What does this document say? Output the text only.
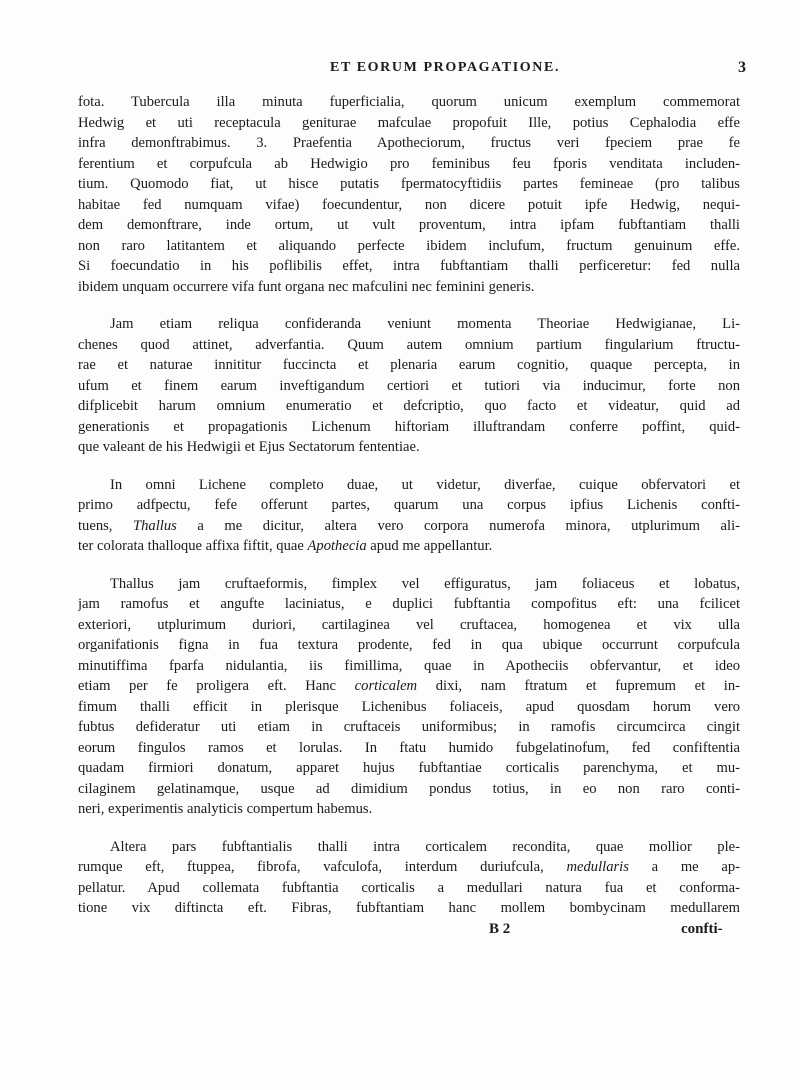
ET EORUM PROPAGATIONE.	3
fota. Tubercula illa minuta fuperficialia, quorum unicum exemplum commemorat
Hedwig et uti receptacula geniturae mafculae propofuit Ille, potius Cephalodia effe
infra demonftrabimus. 3. Praefentia Apotheciorum, fructus veri fpeciem prae fe
ferentium et corpufcula ab Hedwigio pro feminibus feu fporis venditata includen-
tium. Quomodo fiat, ut hisce putatis fpermatocyftidiis partes femineae (pro talibus
habitae fed numquam vifae) foecundentur, non dicere potuit ipfe Hedwig, nequi-
dem demonftrare, inde ortum, ut vult proventum, intra ipfam fubftantiam thalli
non raro latitantem et aliquando perfecte ibidem inclufum, fructum genuinum effe.
Si foecundatio in his poflibilis effet, intra fubftantiam thalli perficeretur: fed nulla
ibidem unquam occurrere vifa funt organa nec mafculini nec feminini generis.
Jam etiam reliqua confideranda veniunt momenta Theoriae Hedwigianae, Li-
chenes quod attinet, adverfantia. Quum autem omnium partium fingularium ftructu-
rae et naturae innititur fuccincta et plenaria earum cognitio, quaque percepta, in
ufum et finem earum inveftigandum certiori et tutiori via inducimur, forte non
difplicebit harum omnium enumeratio et defcriptio, quo facto et videatur, quid ad
generationis et propagationis Lichenum hiftoriam illuftrandam conferre poffint, quid-
que valeant de his Hedwigii et Ejus Sectatorum fententiae.
In omni Lichene completo duae, ut videtur, diverfae, cuique obfervatori et
primo adfpectu, fefe offerunt partes, quarum una corpus ipfius Lichenis confti-
tuens, Thallus a me dicitur, altera vero corpora numerofa minora, utplurimum ali-
ter colorata thalloque affixa fiftit, quae Apothecia apud me appellantur.
Thallus jam cruftaeformis, fimplex vel effiguratus, jam foliaceus et lobatus,
jam ramofus et angufte laciniatus, e duplici fubftantia compofitus eft: una fcilicet
exteriori, utplurimum duriori, cartilaginea vel cruftacea, homogenea et vix ulla
organifationis figna in fua textura prodente, fed in qua ubique occurrunt corpufcula
minutiffima fparfa nidulantia, iis fimillima, quae in Apotheciis obfervantur, et ideo
etiam per fe proligera eft. Hanc corticalem dixi, nam ftratum et fupremum et in-
fimum thalli efficit in plerisque Lichenibus foliaceis, apud quosdam horum vero
fubtus defideratur uti etiam in cruftaceis uniformibus; in ramofis circumcirca cingit
eorum fingulos ramos et lorulas. In ftatu humido fubgelatinofum, fed confiftentia
quadam firmiori donatum, apparet hujus fubftantiae corticalis parenchyma, et mu-
cilaginem gelatinamque, usque ad dimidium pondus totius, in eo non raro conti-
neri, experimentis analyticis compertum habemus.
Altera pars fubftantialis thalli intra corticalem recondita, quae mollior ple-
rumque eft, ftuppea, fibrofa, vafculofa, interdum duriufcula, medullaris a me ap-
pellatur. Apud collemata fubftantia corticalis a medullari natura fua et conforma-
tione vix diftincta eft. Fibras, fubftantiam hanc mollem bombycinam medullarem
B 2	confti-
